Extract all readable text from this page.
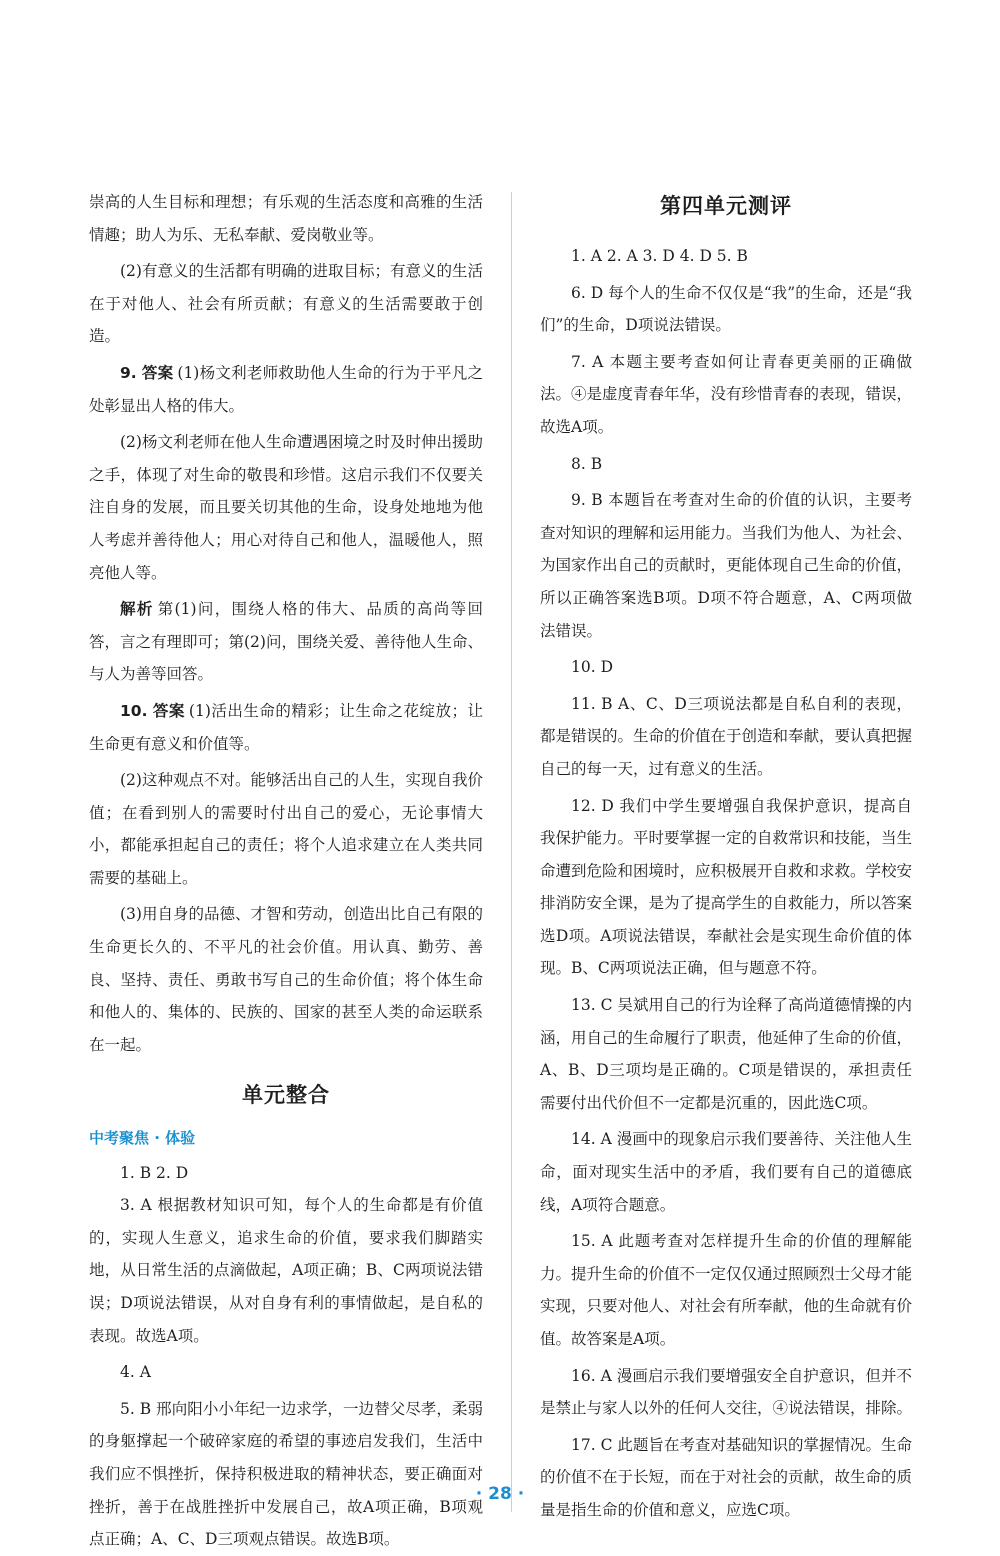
崇高的人生目标和理想；有乐观的生活态度和高雅的生活情趣；助人为乐、无私奉献、爱岗敬业等。

(2)有意义的生活都有明确的进取目标；有意义的生活在于对他人、社会有所贡献；有意义的生活需要敢于创造。

9. 答案 (1)杨文利老师救助他人生命的行为于平凡之处彰显出人格的伟大。

(2)杨文利老师在他人生命遭遇困境之时及时伸出援助之手，体现了对生命的敬畏和珍惜。这启示我们不仅要关注自身的发展，而且要关切其他的生命，设身处地地为他人考虑并善待他人；用心对待自己和他人，温暖他人，照亮他人等。

解析 第(1)问，围绕人格的伟大、品质的高尚等回答，言之有理即可；第(2)问，围绕关爱、善待他人生命、与人为善等回答。

10. 答案 (1)活出生命的精彩；让生命之花绽放；让生命更有意义和价值等。

(2)这种观点不对。能够活出自己的人生，实现自我价值；在看到别人的需要时付出自己的爱心，无论事情大小，都能承担起自己的责任；将个人追求建立在人类共同需要的基础上。

(3)用自身的品德、才智和劳动，创造出比自己有限的生命更长久的、不平凡的社会价值。用认真、勤劳、善良、坚持、责任、勇敢书写自己的生命价值；将个体生命和他人的、集体的、民族的、国家的甚至人类的命运联系在一起。

单元整合
中考聚焦 · 体验

1. B 2. D

3. A 根据教材知识可知，每个人的生命都是有价值的，实现人生意义，追求生命的价值，要求我们脚踏实地，从日常生活的点滴做起，A项正确；B、C两项说法错误；D项说法错误，从对自身有利的事情做起，是自私的表现。故选A项。

4. A

5. B 邢向阳小小年纪一边求学，一边替父尽孝，柔弱的身躯撑起一个破碎家庭的希望的事迹启发我们，生活中我们应不惧挫折，保持积极进取的精神状态，要正确面对挫折，善于在战胜挫折中发展自己，故A项正确，B项观点正确；A、C、D三项观点错误。故选B项。

第四单元测评

1. A 2. A 3. D 4. D 5. B

6. D 每个人的生命不仅仅是“我”的生命，还是“我们”的生命，D项说法错误。

7. A 本题主要考查如何让青春更美丽的正确做法。④是虚度青春年华，没有珍惜青春的表现，错误，故选A项。

8. B

9. B 本题旨在考查对生命的价值的认识，主要考查对知识的理解和运用能力。当我们为他人、为社会、为国家作出自己的贡献时，更能体现自己生命的价值，所以正确答案选B项。D项不符合题意，A、C两项做法错误。

10. D

11. B A、C、D三项说法都是自私自利的表现，都是错误的。生命的价值在于创造和奉献，要认真把握自己的每一天，过有意义的生活。

12. D 我们中学生要增强自我保护意识，提高自我保护能力。平时要掌握一定的自救常识和技能，当生命遭到危险和困境时，应积极展开自救和求救。学校安排消防安全课，是为了提高学生的自救能力，所以答案选D项。A项说法错误，奉献社会是实现生命价值的体现。B、C两项说法正确，但与题意不符。

13. C 吴斌用自己的行为诠释了高尚道德情操的内涵，用自己的生命履行了职责，他延伸了生命的价值，A、B、D三项均是正确的。C项是错误的，承担责任需要付出代价但不一定都是沉重的，因此选C项。

14. A 漫画中的现象启示我们要善待、关注他人生命，面对现实生活中的矛盾，我们要有自己的道德底线，A项符合题意。

15. A 此题考查对怎样提升生命的价值的理解能力。提升生命的价值不一定仅仅通过照顾烈士父母才能实现，只要对他人、对社会有所奉献，他的生命就有价值。故答案是A项。

16. A 漫画启示我们要增强安全自护意识，但并不是禁止与家人以外的任何人交往，④说法错误，排除。

17. C 此题旨在考查对基础知识的掌握情况。生命的价值不在于长短，而在于对社会的贡献，故生命的质量是指生命的价值和意义，应选C项。

· 28 ·
